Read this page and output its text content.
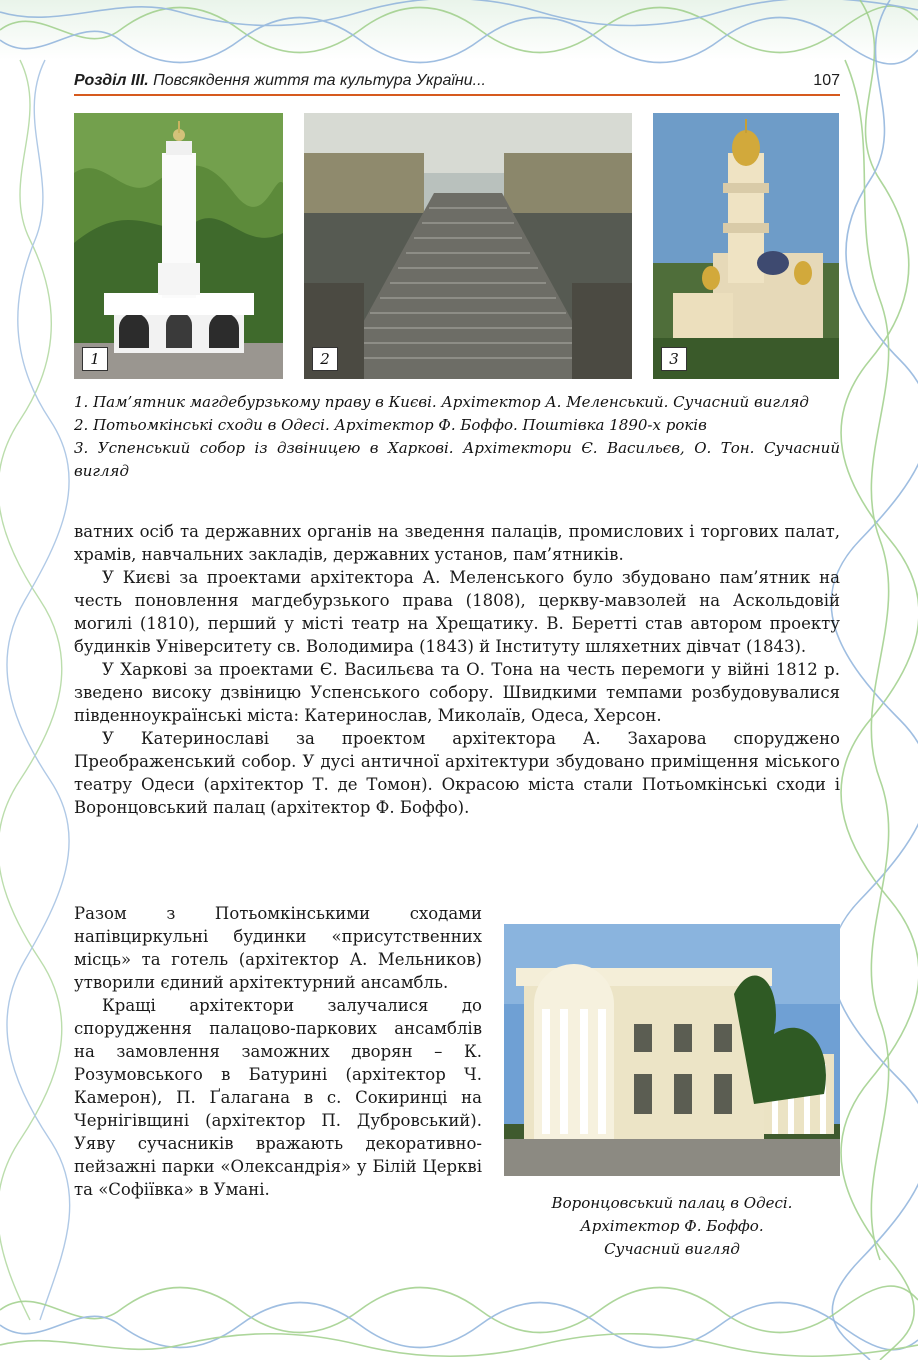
Розділ ІІІ. Повсякдення життя та культура України...	107
1	2	3

1. Пам’ятник магдебурзькому праву в Києві. Архітектор А. Меленський. Сучасний вигляд

2. Потьомкінські сходи в Одесі. Архітектор Ф. Боффо. Поштівка 1890-х років

3. Успенський собор із дзвіницею в Харкові. Архітектори Є. Васильєв, О. Тон. Сучасний вигляд

ватних осіб та державних органів на зведення палаців, промислових і торгових палат, храмів, навчальних закладів, державних установ, пам’ятників.

У Києві за проектами архітектора А. Меленського було збудовано пам’ятник на честь поновлення магдебурзького права (1808), церкву-мавзолей на Аскольдовій могилі (1810), перший у місті театр на Хрещатику. В. Беретті став автором проекту будинків Університету св. Володимира (1843) й Інституту шляхетних дівчат (1843).

У Харкові за проектами Є. Васильєва та О. Тона на честь перемоги у війні 1812 р. зведено високу дзвіницю Успенського собору. Швидкими темпами розбудовувалися південноукраїнські міста: Катеринослав, Миколаїв, Одеса, Херсон.

У Катеринославі за проектом архітектора А. Захарова споруджено Преображенський собор. У дусі античної архітектури збудовано приміщення міського театру Одеси (архітектор Т. де Томон). Окрасою міста стали Потьомкінські сходи і Воронцовський палац (архітектор Ф. Боффо).

Разом з Потьомкінськими сходами напівциркульні будинки «присутственних місць» та готель (архітектор А. Мельников) утворили єдиний архітектурний ансамбль.

Кращі архітектори залучалися до спорудження палацово-паркових ансамблів на замовлення заможних дворян – К. Розумовського в Батурині (архітектор Ч. Камерон), П. Ґалагана в с. Сокиринці на Чернігівщині (архітектор П. Дубровський). Уяву сучасників вражають декоративно-пейзажні парки «Олександрія» у Білій Церкві та «Софіївка» в Умані.

Воронцовський палац в Одесі.
Архітектор Ф. Боффо.
Сучасний вигляд
